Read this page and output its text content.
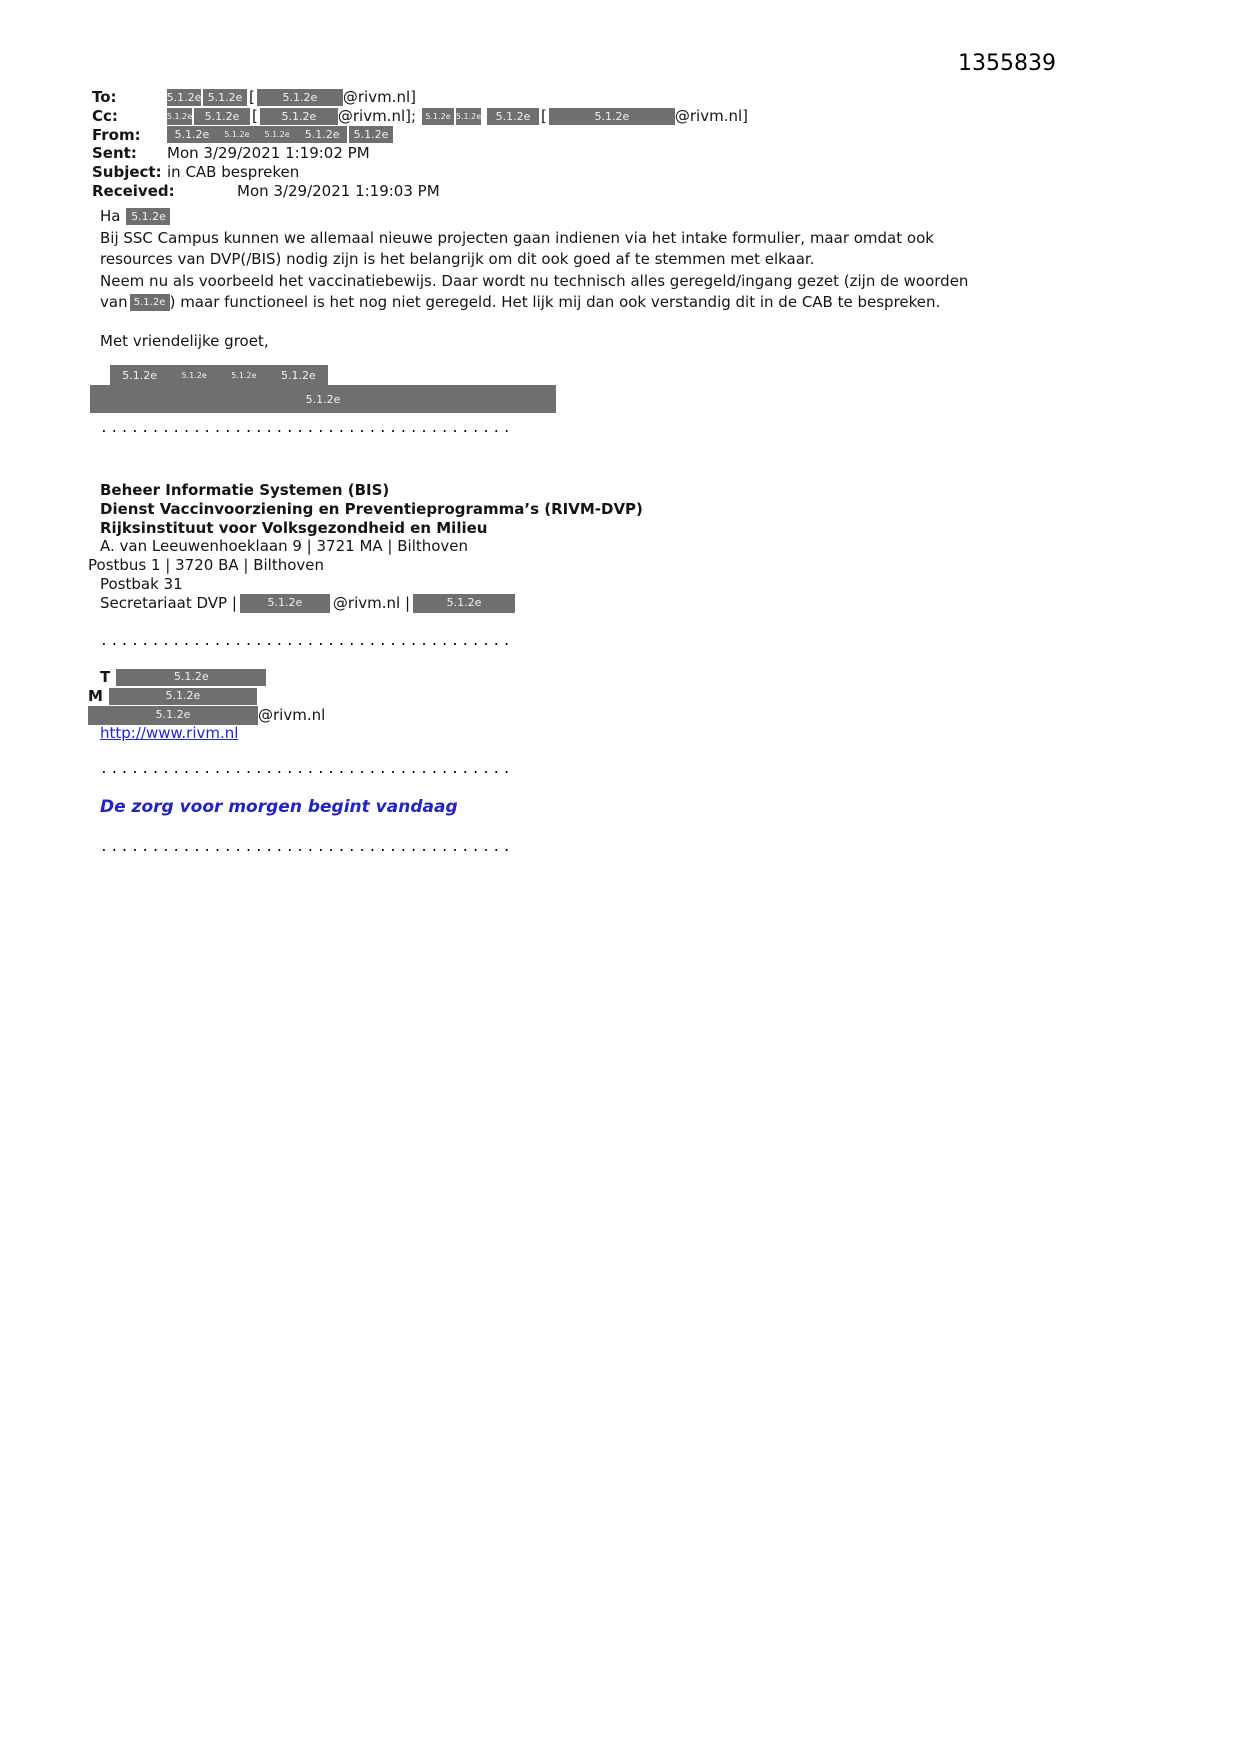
1355839
To:	5.1.2e 5.1.2e [	5.1.2e	@rivm.nl]
Cc:	5.1.2e	5.1.2e [	5.1.2e	@rivm.nl];	5.1.2e 5.1.2e	5.1.2e [	5.1.2e	@rivm.nl]
From:	5.1.2e 5.1.2e 5.1.2e 5.1.2e	5.1.2e
Sent:	Mon 3/29/2021 1:19:02 PM
Subject: in CAB bespreken
Received:	Mon 3/29/2021 1:19:03 PM
Ha 5.1.2e
Bij SSC Campus kunnen we allemaal nieuwe projecten gaan indienen via het intake formulier, maar omdat ook
resources van DVP(/BIS) nodig zijn is het belangrijk om dit ook goed af te stemmen met elkaar.
Neem nu als voorbeeld het vaccinatiebewijs. Daar wordt nu technisch alles geregeld/ingang gezet (zijn de woorden
van 5.1.2e ) maar functioneel is het nog niet geregeld. Het lijk mij dan ook verstandig dit in de CAB te bespreken.
Met vriendelijke groet,
5.1.2e	5.1.2e	5.1.2e 5.1.2e
5.1.2e
........................................
Beheer Informatie Systemen (BIS)
Dienst Vaccinvoorziening en Preventieprogramma’s (RIVM-DVP)
Rijksinstituut voor Volksgezondheid en Milieu
A. van Leeuwenhoeklaan 9 | 3721 MA | Bilthoven
Postbus 1 | 3720 BA | Bilthoven
Postbak 31
Secretariaat DVP |	5.1.2e	@rivm.nl |	5.1.2e
........................................
T	5.1.2e
M	5.1.2e
5.1.2e	@rivm.nl
http://www.rivm.nl
........................................
De zorg voor morgen begint vandaag
........................................
